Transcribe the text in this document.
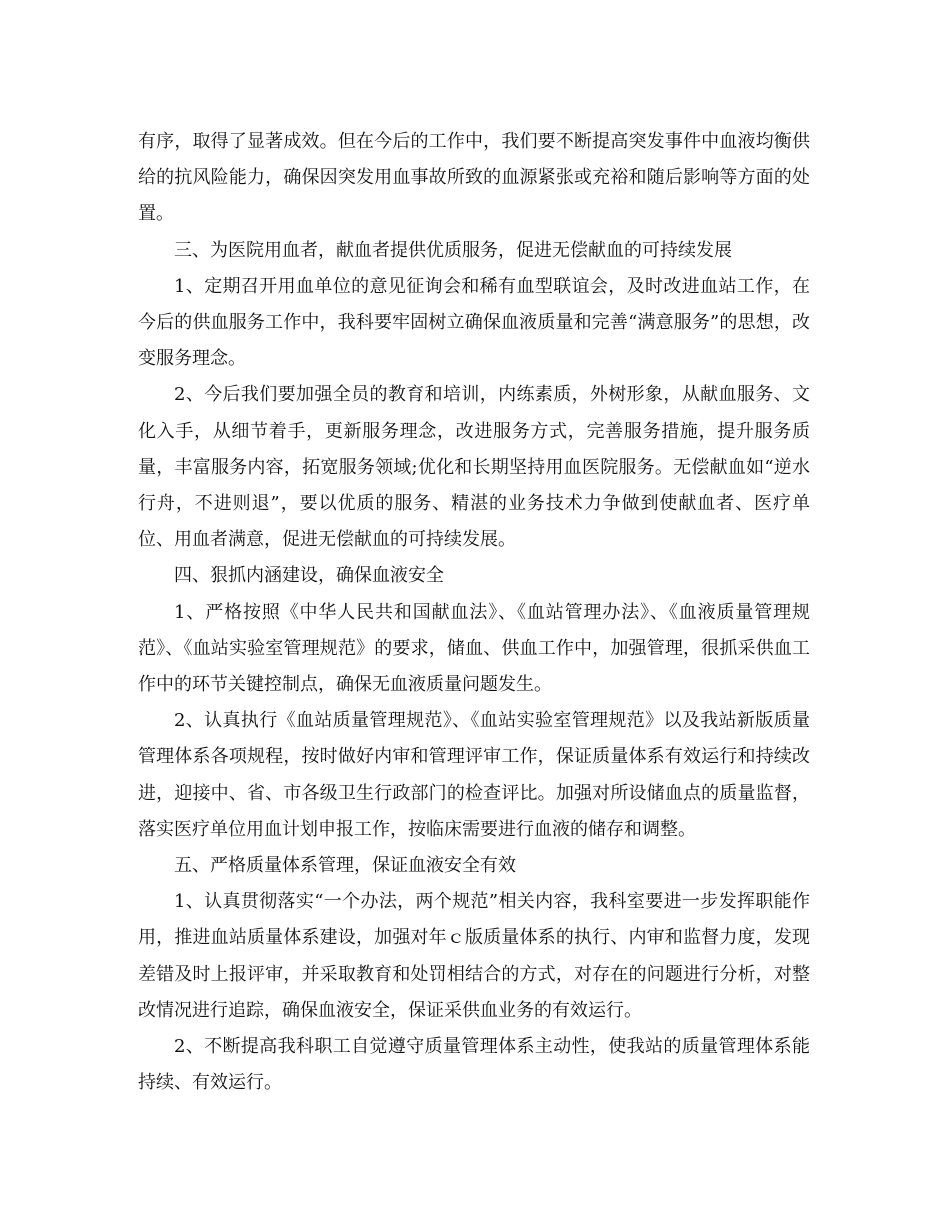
有序，取得了显著成效。但在今后的工作中，我们要不断提高突发事件中血液均衡供给的抗风险能力，确保因突发用血事故所致的血源紧张或充裕和随后影响等方面的处置。

三、为医院用血者，献血者提供优质服务，促进无偿献血的可持续发展

1、定期召开用血单位的意见征询会和稀有血型联谊会，及时改进血站工作，在今后的供血服务工作中，我科要牢固树立确保血液质量和完善“满意服务”的思想，改变服务理念。

2、今后我们要加强全员的教育和培训，内练素质，外树形象，从献血服务、文化入手，从细节着手，更新服务理念，改进服务方式，完善服务措施，提升服务质量，丰富服务内容，拓宽服务领域;优化和长期坚持用血医院服务。无偿献血如“逆水行舟，不进则退”，要以优质的服务、精湛的业务技术力争做到使献血者、医疗单位、用血者满意，促进无偿献血的可持续发展。

四、狠抓内涵建设，确保血液安全

1、严格按照《中华人民共和国献血法》、《血站管理办法》、《血液质量管理规范》、《血站实验室管理规范》的要求，储血、供血工作中，加强管理，很抓采供血工作中的环节关键控制点，确保无血液质量问题发生。

2、认真执行《血站质量管理规范》、《血站实验室管理规范》以及我站新版质量管理体系各项规程，按时做好内审和管理评审工作，保证质量体系有效运行和持续改进，迎接中、省、市各级卫生行政部门的检查评比。加强对所设储血点的质量监督，落实医疗单位用血计划申报工作，按临床需要进行血液的储存和调整。

五、严格质量体系管理，保证血液安全有效

1、认真贯彻落实“一个办法，两个规范”相关内容，我科室要进一步发挥职能作用，推进血站质量体系建设，加强对年ｃ版质量体系的执行、内审和监督力度，发现差错及时上报评审，并采取教育和处罚相结合的方式，对存在的问题进行分析，对整改情况进行追踪，确保血液安全，保证采供血业务的有效运行。

2、不断提高我科职工自觉遵守质量管理体系主动性，使我站的质量管理体系能持续、有效运行。
